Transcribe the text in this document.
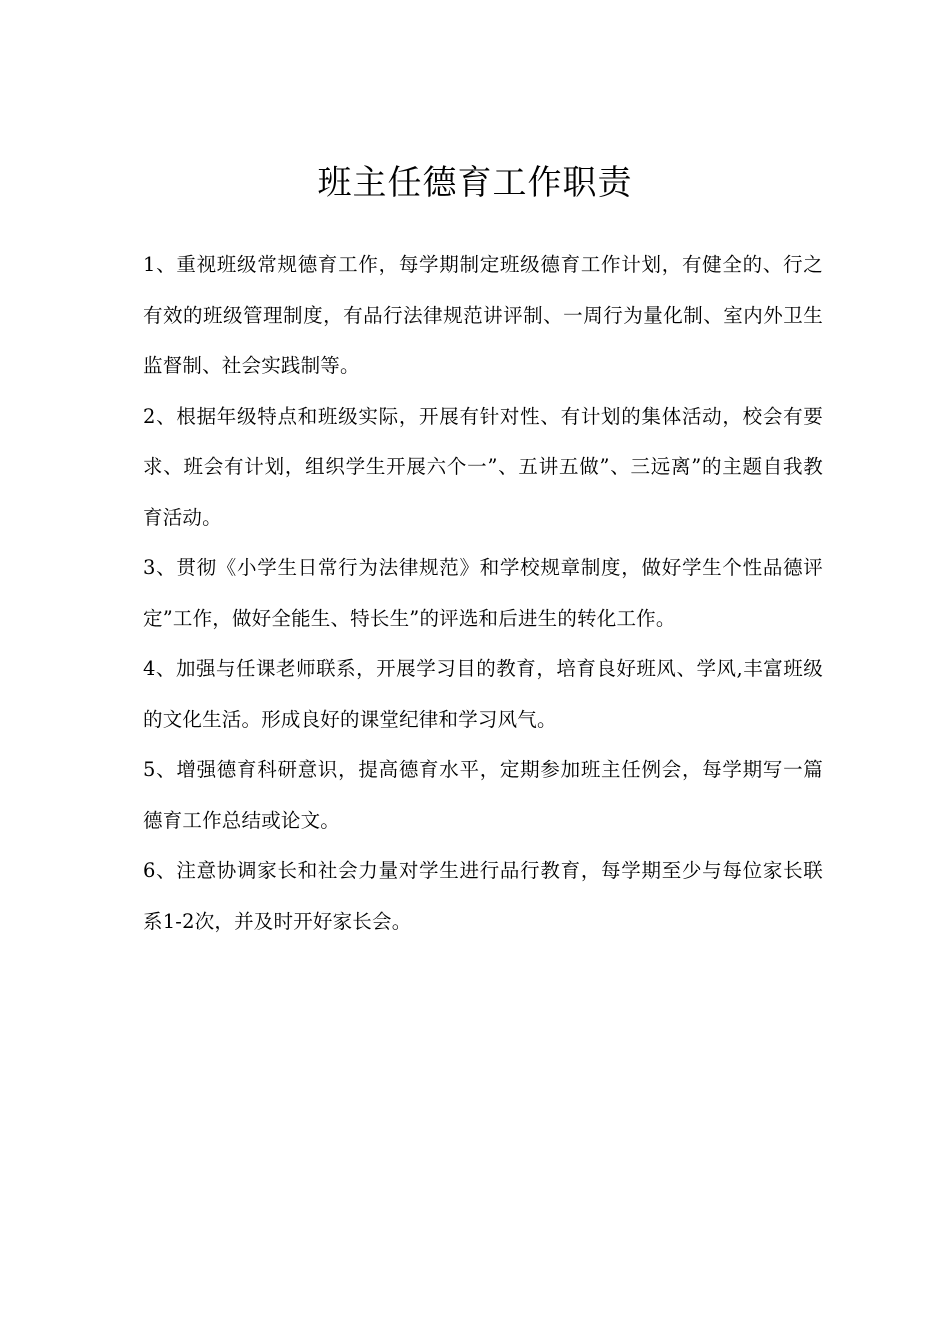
班主任德育工作职责

1、重视班级常规德育工作，每学期制定班级德育工作计划，有健全的、行之有效的班级管理制度，有品行法律规范讲评制、一周行为量化制、室内外卫生监督制、社会实践制等。

2、根据年级特点和班级实际，开展有针对性、有计划的集体活动，校会有要求、班会有计划，组织学生开展六个一”、五讲五做”、三远离”的主题自我教育活动。

3、贯彻《小学生日常行为法律规范》和学校规章制度，做好学生个性品德评定”工作，做好全能生、特长生”的评选和后进生的转化工作。

4、加强与任课老师联系，开展学习目的教育，培育良好班风、学风,丰富班级的文化生活。形成良好的课堂纪律和学习风气。

5、增强德育科研意识，提高德育水平，定期参加班主任例会，每学期写一篇德育工作总结或论文。

6、注意协调家长和社会力量对学生进行品行教育，每学期至少与每位家长联系1-2次，并及时开好家长会。
